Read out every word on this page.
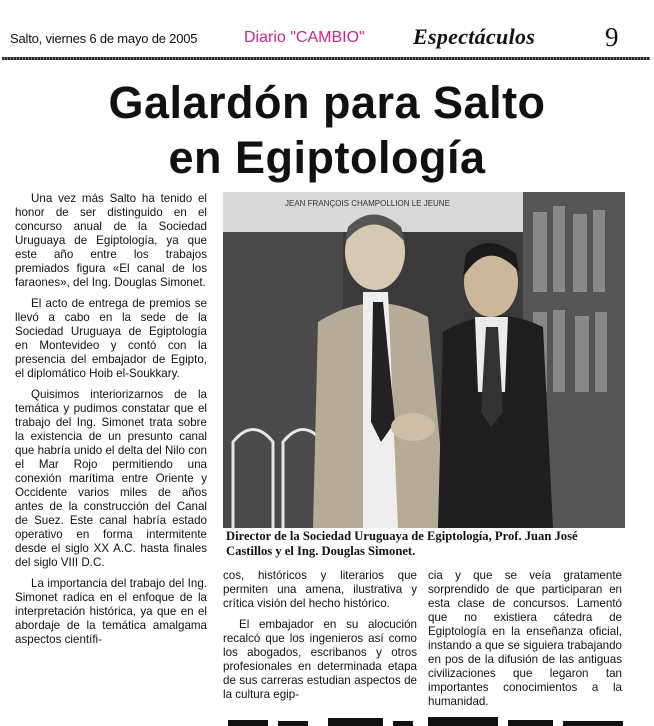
Salto, viernes 6 de mayo de 2005	Diario "CAMBIO" Espectáculos	9
Galardón para Salto
en Egiptología

Una vez más Salto ha tenido el honor de ser distinguido en el concurso anual de la Sociedad Uruguaya de Egiptología, ya que este año entre los trabajos premiados figura «El canal de los faraones», del Ing. Douglas Simonet.

El acto de entrega de premios se llevó a cabo en la sede de la Sociedad Uruguaya de Egiptología en Montevideo y contó con la presencia del embajador de Egipto, el diplomático Hoib el-Soukkary.

Quisimos interiorizarnos de la temática y pudimos constatar que el trabajo del Ing. Simonet trata sobre la existencia de un presunto canal que habría unido el delta del Nilo con el Mar Rojo permitiendo una conexión marítima entre Oriente y Occidente varios miles de años antes de la construcción del Canal de Suez. Este canal habría estado operativo en forma intermitente desde el siglo XX A.C. hasta finales del siglo VIII D.C.

La importancia del trabajo del Ing. Simonet radica en el enfoque de la interpretación histórica, ya que en el abordaje de la temática amalgama aspectos científi-

JEAN FRANÇOIS CHAMPOLLION LE JEUNE
Director de la Sociedad Uruguaya de Egiptología, Prof. Juan José Castillos y el Ing. Douglas Simonet.

cos, históricos y literarios que permiten una amena, ilustrativa y crítica visión del hecho histórico.

El embajador en su alocución recalcó que los ingenieros así como los abogados, escribanos y otros profesionales en determinada etapa de sus carreras estudian aspectos de la cultura egip-

cia y que se veía gratamente sorprendido de que participaran en esta clase de concursos. Lamentó que no existiera cátedra de Egiptología en la enseñanza oficial, instando a que se siguiera trabajando en pos de la difusión de las antiguas civilizaciones que legaron tan importantes conocimientos a la humanidad.
